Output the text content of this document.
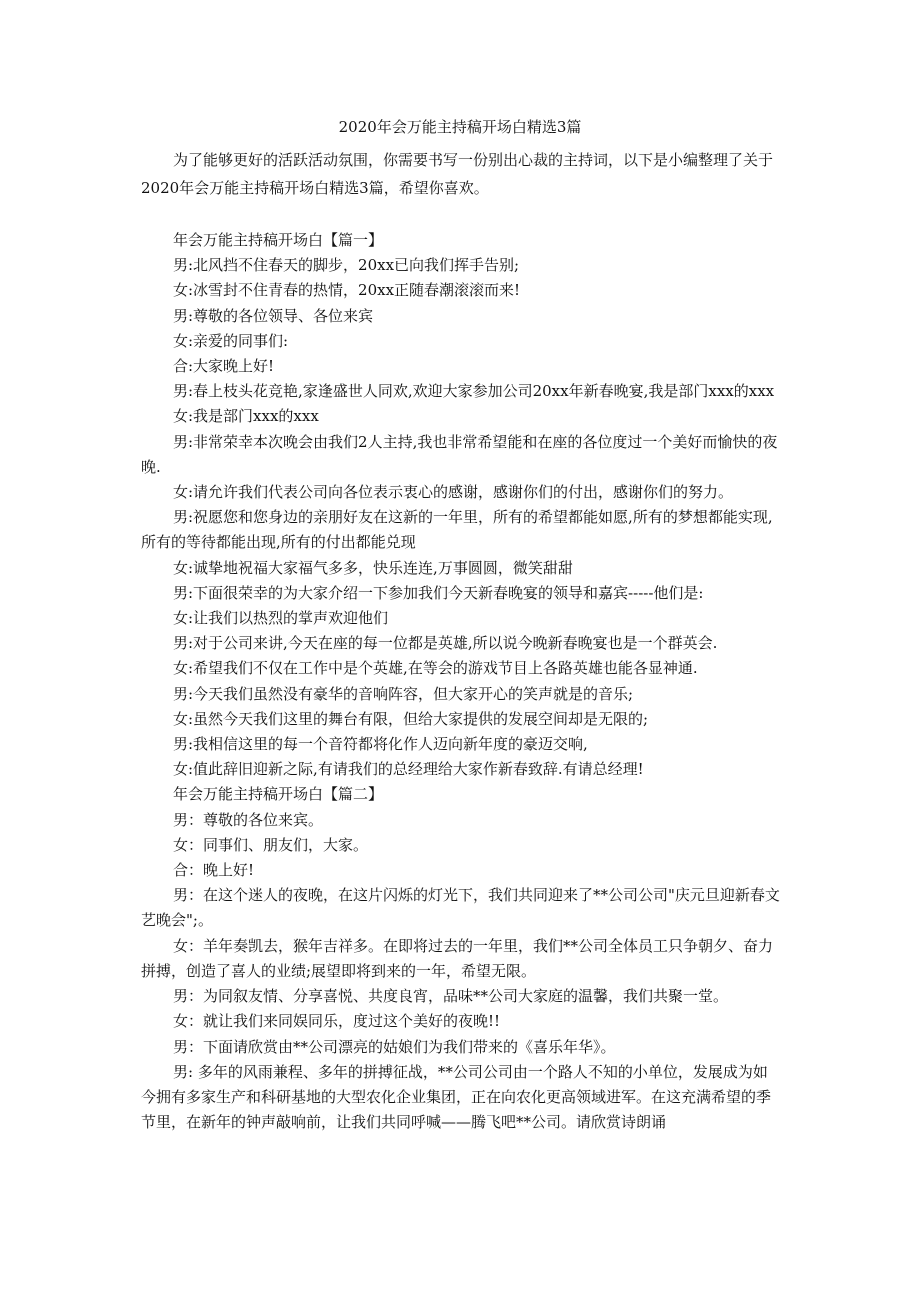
2020年会万能主持稿开场白精选3篇

为了能够更好的活跃活动氛围，你需要书写一份别出心裁的主持词，以下是小编整理了关于2020年会万能主持稿开场白精选3篇，希望你喜欢。

年会万能主持稿开场白【篇一】

男:北风挡不住春天的脚步，20xx已向我们挥手告别;

女:冰雪封不住青春的热情，20xx正随春潮滚滚而来!

男:尊敬的各位领导、各位来宾

女:亲爱的同事们:

合:大家晚上好!

男:春上枝头花竞艳,家逢盛世人同欢,欢迎大家参加公司20xx年新春晚宴,我是部门xxx的xxx

女:我是部门xxx的xxx

男:非常荣幸本次晚会由我们2人主持,我也非常希望能和在座的各位度过一个美好而愉快的夜晚.

女:请允许我们代表公司向各位表示衷心的感谢，感谢你们的付出，感谢你们的努力。

男:祝愿您和您身边的亲朋好友在这新的一年里，所有的希望都能如愿,所有的梦想都能实现,所有的等待都能出现,所有的付出都能兑现

女:诚挚地祝福大家福气多多，快乐连连,万事圆圆，微笑甜甜

男:下面很荣幸的为大家介绍一下参加我们今天新春晚宴的领导和嘉宾-----他们是:

女:让我们以热烈的掌声欢迎他们

男:对于公司来讲,今天在座的每一位都是英雄,所以说今晚新春晚宴也是一个群英会.

女:希望我们不仅在工作中是个英雄,在等会的游戏节目上各路英雄也能各显神通.

男:今天我们虽然没有豪华的音响阵容，但大家开心的笑声就是的音乐;

女:虽然今天我们这里的舞台有限，但给大家提供的发展空间却是无限的;

男:我相信这里的每一个音符都将化作人迈向新年度的豪迈交响,

女:值此辞旧迎新之际,有请我们的总经理给大家作新春致辞.有请总经理!

年会万能主持稿开场白【篇二】

男：尊敬的各位来宾。

女：同事们、朋友们，大家。

合：晚上好!

男：在这个迷人的夜晚，在这片闪烁的灯光下，我们共同迎来了**公司公司"庆元旦迎新春文艺晚会";。

女：羊年奏凯去，猴年吉祥多。在即将过去的一年里，我们**公司全体员工只争朝夕、奋力拼搏，创造了喜人的业绩;展望即将到来的一年，希望无限。

男：为同叙友情、分享喜悦、共度良宵，品味**公司大家庭的温馨，我们共聚一堂。

女：就让我们来同娱同乐，度过这个美好的夜晚!!

男：下面请欣赏由**公司漂亮的姑娘们为我们带来的《喜乐年华》。

男: 多年的风雨兼程、多年的拼搏征战，**公司公司由一个路人不知的小单位，发展成为如今拥有多家生产和科研基地的大型农化企业集团，正在向农化更高领域进军。在这充满希望的季节里，在新年的钟声敲响前，让我们共同呼喊——腾飞吧**公司。请欣赏诗朗诵
